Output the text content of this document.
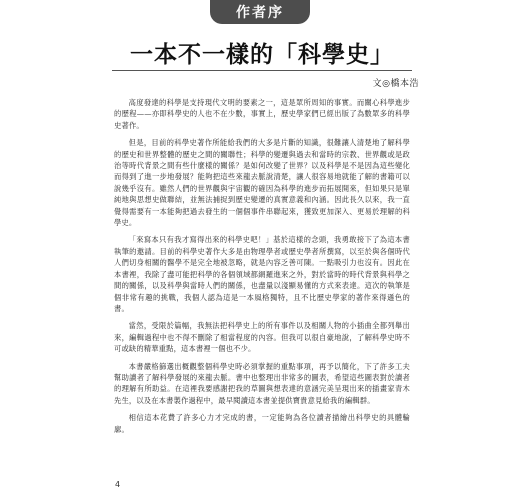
作者序
一本不一樣的「科學史」
文◎橋本浩

高度發達的科學是支持現代文明的要素之一，這是眾所周知的事實。而關心科學進步的歷程——亦即科學史的人也不在少數，事實上，歷史學家們已經出版了為數眾多的科學史著作。

但是，目前的科學史著作所能給我們的大多是片斷的知識，很難讓人清楚地了解科學的歷史和世界整體的歷史之間的關聯性；科學的變遷與過去和當時的宗教、世界觀或是政治等時代背景之間有些什麼樣的關係？是如何改變了世界？以及科學是不是因為這些變化而得到了進一步地發展？能夠把這些來龍去脈說清楚，讓人很容易地就能了解的書籍可以說幾乎沒有。雖然人們的世界觀與宇宙觀的確因為科學的進步而拓展開來，但如果只是單純地與思想史做聯結，並無法捕捉到歷史變遷的真實意義和內涵。因此長久以來，我一直覺得需要有一本能夠把過去發生的一個個事件串聯起來，獲致更加深入、更易於理解的科學史。

「來寫本只有我才寫得出來的科學史吧！」基於這樣的念頭，我勇敢接下了為這本書執筆的邀請。目前的科學史著作大多是由物理學者或歷史學者所撰寫，以至於與各個時代人們切身相關的醫學不是完全地被忽略，就是內容乏善可陳。一點吸引力也沒有。因此在本書裡，我除了盡可能把科學的各個領域都網羅進來之外，對於當時的時代背景與科學之間的關係，以及科學與當時人們的關係，也盡量以淺顯易懂的方式來表達。這次的執筆是個非常有趣的挑戰，我個人認為這是一本風格獨特，且不比歷史學家的著作來得遜色的書。

當然，受限於篇幅，我無法把科學史上的所有事件以及相關人物的小插曲全都列舉出來，編輯過程中也不得不刪除了相當程度的內容。但我可以很自豪地說，了解科學史時不可或缺的精華重點，這本書裡一個也不少。

本書嚴格篩選出概觀整個科學史時必須掌握的重點事項，再予以簡化，下了許多工夫幫助讀者了解科學發展的來龍去脈。書中也整理出非常多的圖表，希望這些圖表對於讀者的理解有所助益。在這裡我要感謝把我的草圖與想表達的意涵完美呈現出來的插畫家青木先生，以及在本書製作過程中，最早閱讀這本書並提供寶貴意見給我的編輯群。

相信這本花費了許多心力才完成的書，一定能夠為各位讀者描繪出科學史的具體輪廓。

4
